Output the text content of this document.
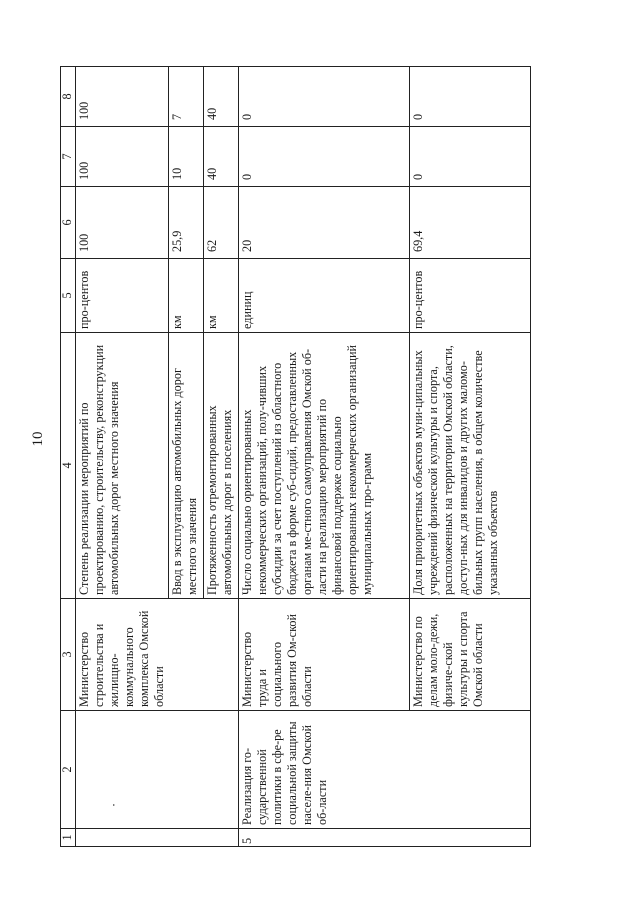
10
1	2	3	4	5	6	7	8

	·	Министерство строительства и жилищно-коммунального комплекса Омской области	Степень реализации мероприятий по проектированию, строительству, реконструкции автомобильных дорог местного значения	про-центов	100	100	100
			Ввод в эксплуатацию автомобильных дорог местного значения	км	25,9	10	7
			Протяженность отремонтированных автомобильных дорог в поселениях	км	62	40	40
5	Реализация го-сударственной политики в сфе-ре социальной защиты населе-ния Омской об-ласти	Министерство труда и социального развития Ом-ской области	Число социально ориентированных некоммерческих организаций, полу-чивших субсидии за счет поступлений из областного бюджета в форме суб-сидий, предоставленных органам ме-стного самоуправления Омской об-ласти на реализацию мероприятий по финансовой поддержке социально ориентированных некоммерческих организаций муниципальных про-грамм	единиц	20	0	0
		Министерство по делам моло-дежи, физиче-ской культуры и спорта Омской области	Доля приоритетных объектов муни-ципальных учреждений физической культуры и спорта, расположенных на территории Омской области, доступ-ных для инвалидов и других маломо-бильных групп населения, в общем количестве указанных объектов	про-центов	69,4	0	0
